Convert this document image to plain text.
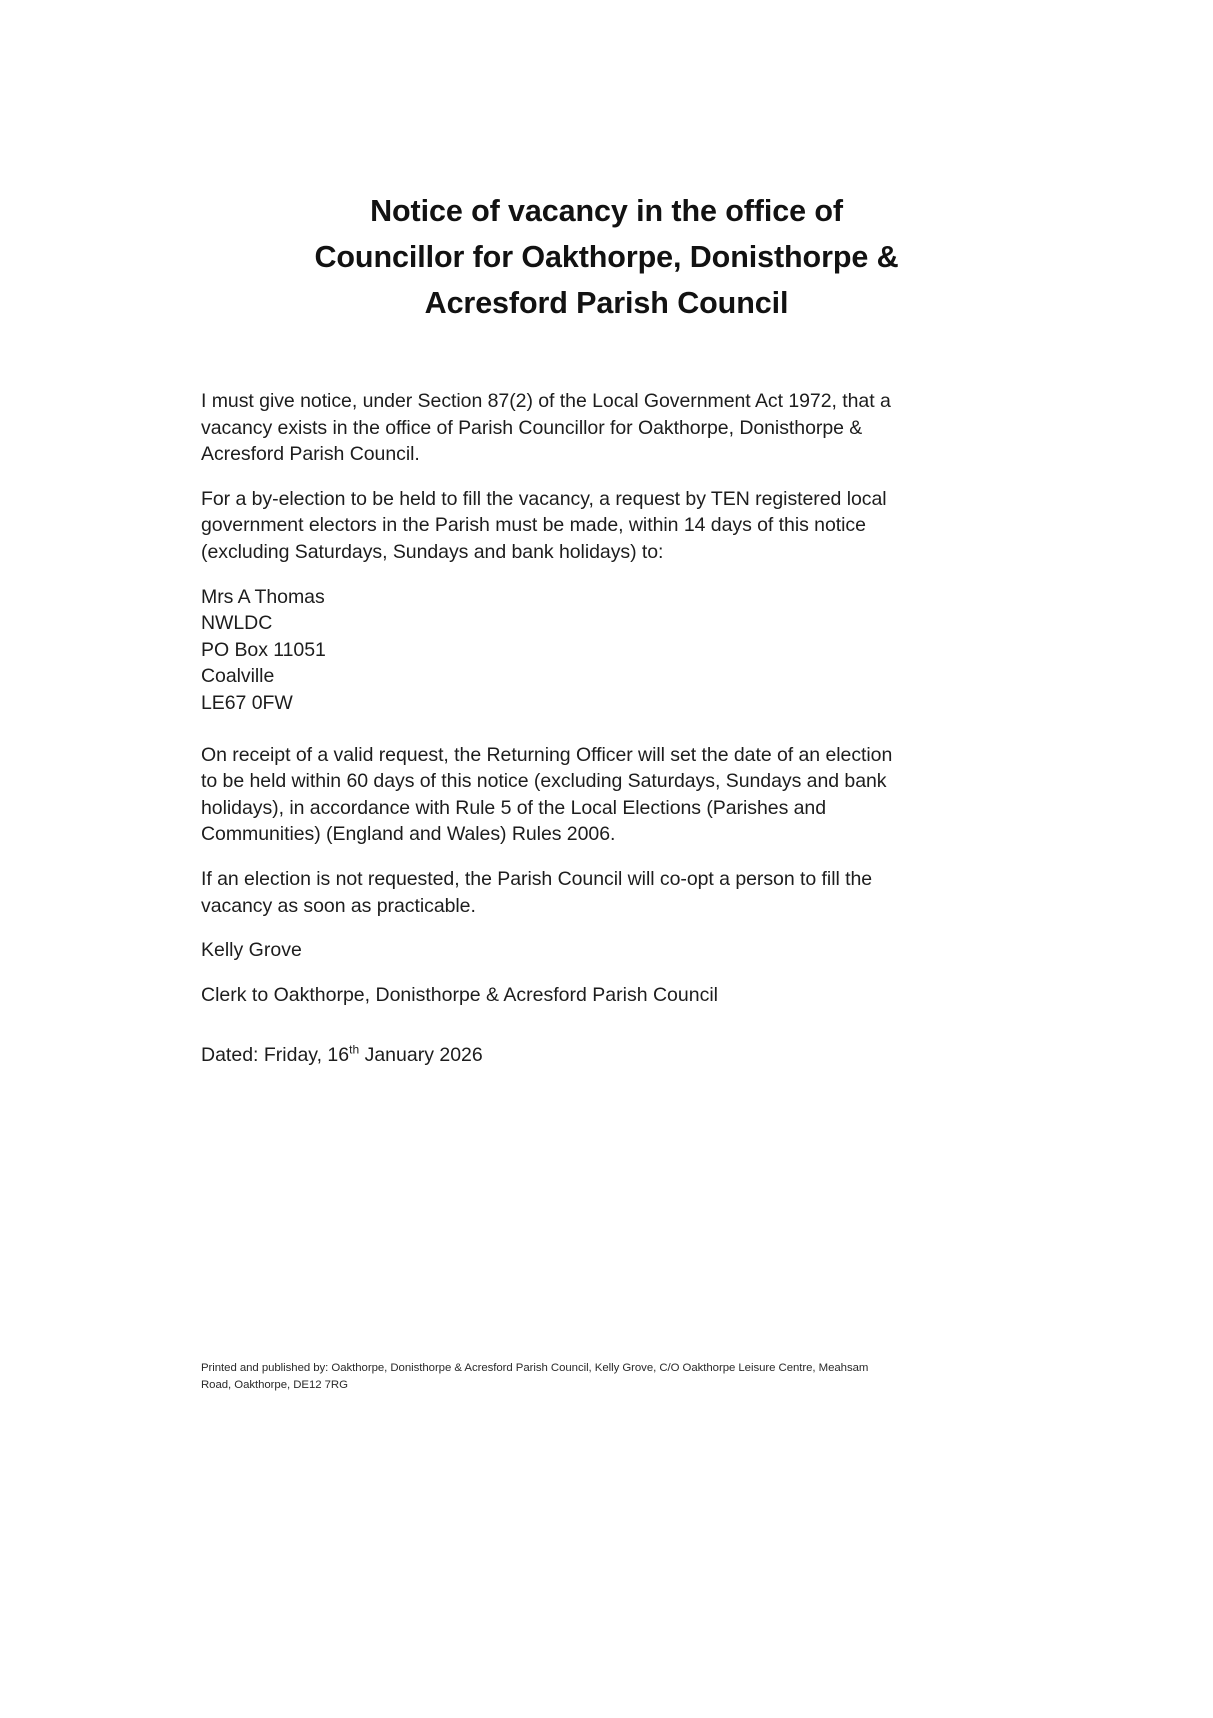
Notice of vacancy in the office of
Councillor for Oakthorpe, Donisthorpe &
Acresford Parish Council

I must give notice, under Section 87(2) of the Local Government Act 1972, that a vacancy exists in the office of Parish Councillor for Oakthorpe, Donisthorpe & Acresford Parish Council.

For a by-election to be held to fill the vacancy, a request by TEN registered local government electors in the Parish must be made, within 14 days of this notice (excluding Saturdays, Sundays and bank holidays) to:

Mrs A Thomas
NWLDC
PO Box 11051
Coalville
LE67 0FW

On receipt of a valid request, the Returning Officer will set the date of an election to be held within 60 days of this notice (excluding Saturdays, Sundays and bank holidays), in accordance with Rule 5 of the Local Elections (Parishes and Communities) (England and Wales) Rules 2006.

If an election is not requested, the Parish Council will co-opt a person to fill the vacancy as soon as practicable.

Kelly Grove

Clerk to Oakthorpe, Donisthorpe & Acresford Parish Council

Dated: Friday, 16th January 2026

Printed and published by: Oakthorpe, Donisthorpe & Acresford Parish Council, Kelly Grove, C/O Oakthorpe Leisure Centre, Meahsam Road, Oakthorpe, DE12 7RG
